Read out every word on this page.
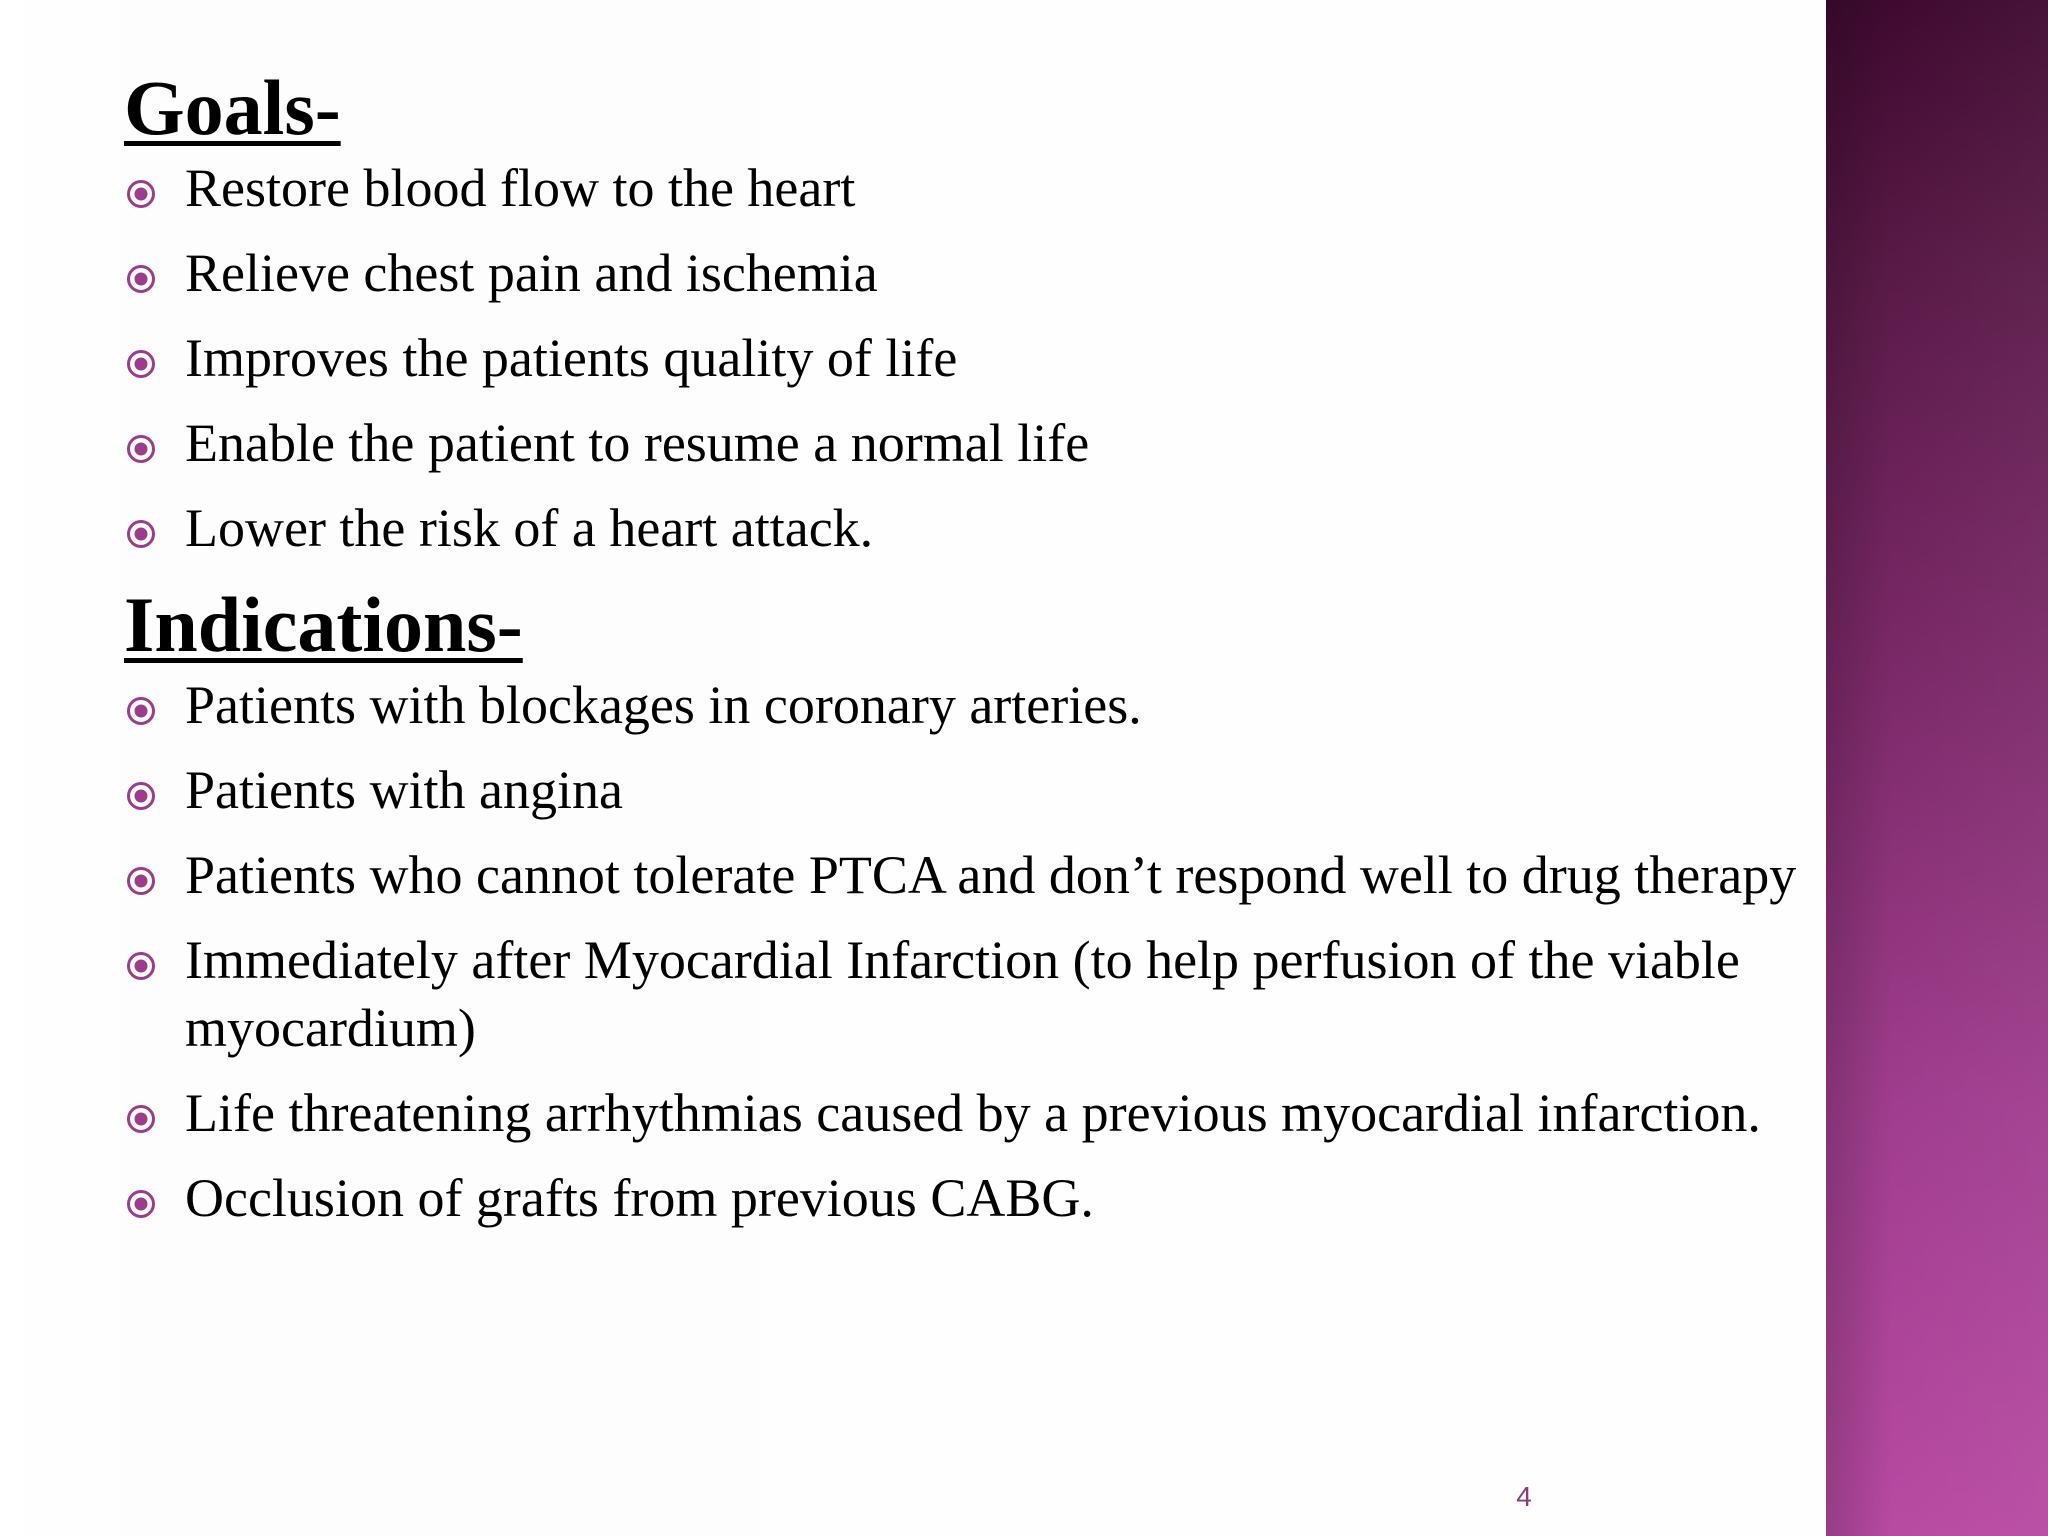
Goals-
Restore blood flow to the heart
Relieve chest pain and ischemia
Improves the patients quality of life
Enable the patient to resume a normal life
Lower the risk of a heart attack.
Indications-
Patients with blockages in coronary arteries.
Patients with angina
Patients who cannot tolerate PTCA and don’t respond well to drug therapy
Immediately after Myocardial Infarction (to help perfusion of the viable myocardium)
Life threatening arrhythmias caused by a previous myocardial infarction.
Occlusion of grafts from previous CABG.
4
